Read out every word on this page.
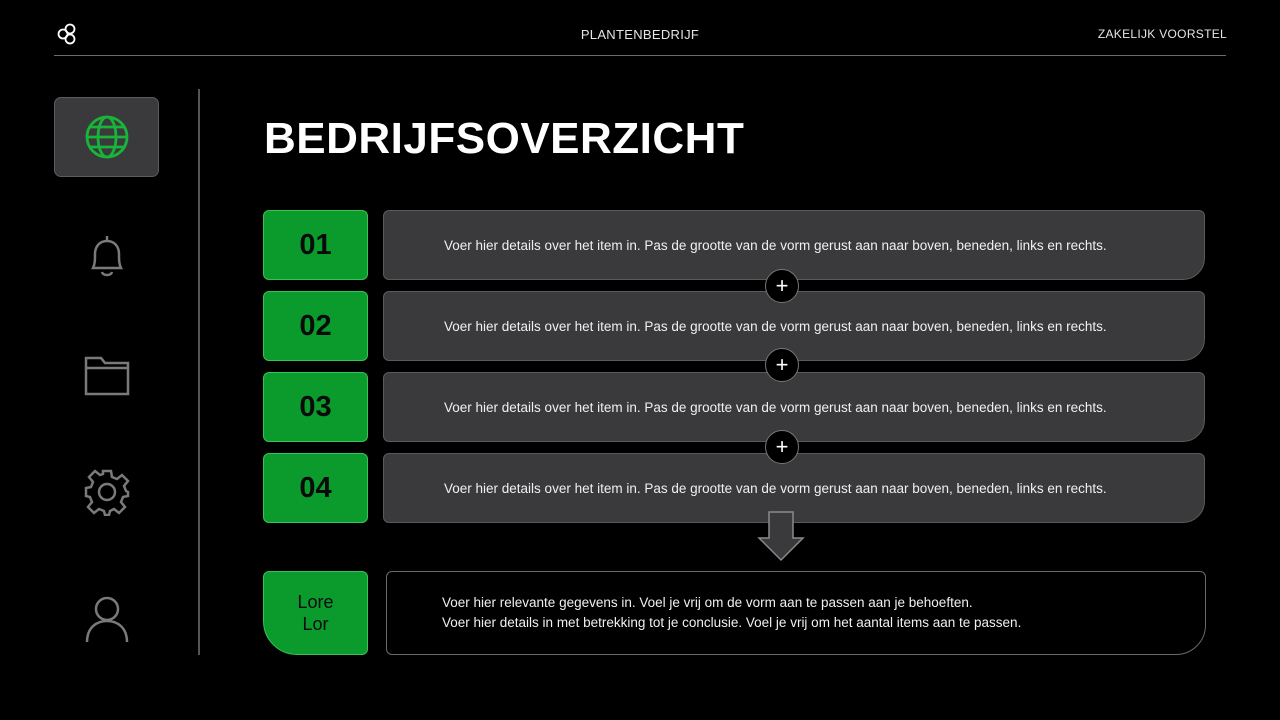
PLANTENBEDRIJF	ZAKELIJK VOORSTEL
BEDRIJFSOVERZICHT
01	Voer hier details over het item in. Pas de grootte van de vorm gerust aan naar boven, beneden, links en rechts.
02	Voer hier details over het item in. Pas de grootte van de vorm gerust aan naar boven, beneden, links en rechts.
03	Voer hier details over het item in. Pas de grootte van de vorm gerust aan naar boven, beneden, links en rechts.
04	Voer hier details over het item in. Pas de grootte van de vorm gerust aan naar boven, beneden, links en rechts.
+
+
+
Lore
Lor
Voer hier relevante gegevens in. Voel je vrij om de vorm aan te passen aan je behoeften.
Voer hier details in met betrekking tot je conclusie. Voel je vrij om het aantal items aan te passen.
